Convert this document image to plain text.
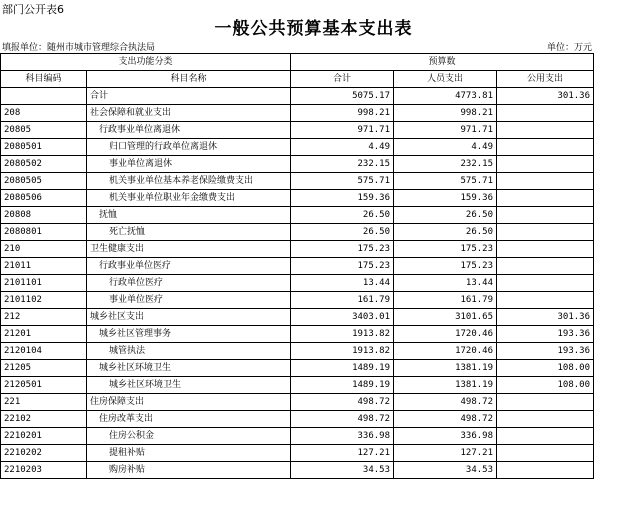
部门公开表6
一般公共预算基本支出表
填报单位：随州市城市管理综合执法局	单位：万元
支出功能分类		预算数		
科目编码	科目名称	合计	人员支出	公用支出
	合计	5075.17	4773.81	301.36
208	社会保障和就业支出	998.21	998.21	
20805	行政事业单位离退休	971.71	971.71	
2080501	归口管理的行政单位离退休	4.49	4.49	
2080502	事业单位离退休	232.15	232.15	
2080505	机关事业单位基本养老保险缴费支出	575.71	575.71	
2080506	机关事业单位职业年金缴费支出	159.36	159.36	
20808	抚恤	26.50	26.50	
2080801	死亡抚恤	26.50	26.50	
210	卫生健康支出	175.23	175.23	
21011	行政事业单位医疗	175.23	175.23	
2101101	行政单位医疗	13.44	13.44	
2101102	事业单位医疗	161.79	161.79	
212	城乡社区支出	3403.01	3101.65	301.36
21201	城乡社区管理事务	1913.82	1720.46	193.36
2120104	城管执法	1913.82	1720.46	193.36
21205	城乡社区环境卫生	1489.19	1381.19	108.00
2120501	城乡社区环境卫生	1489.19	1381.19	108.00
221	住房保障支出	498.72	498.72	
22102	住房改革支出	498.72	498.72	
2210201	住房公积金	336.98	336.98	
2210202	提租补贴	127.21	127.21	
2210203	购房补贴	34.53	34.53	
